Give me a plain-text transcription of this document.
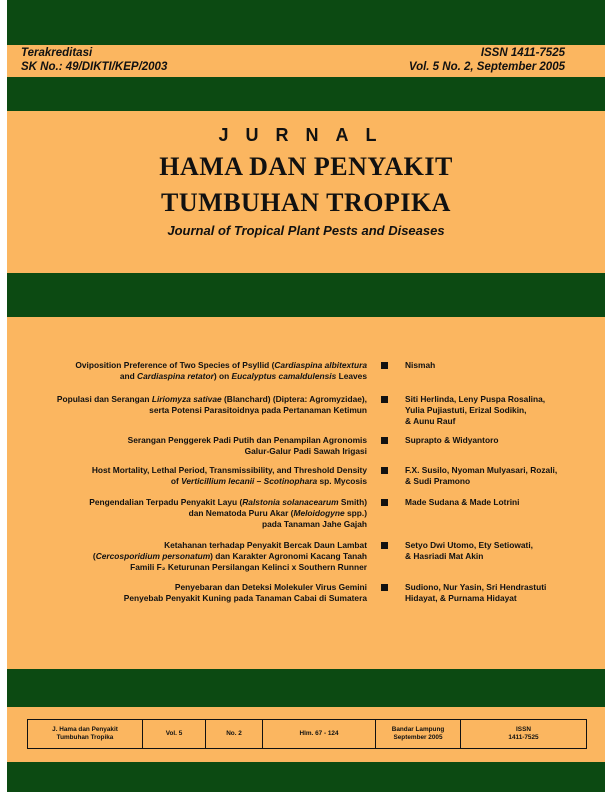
Terakreditasi
SK No.: 49/DIKTI/KEP/2003
ISSN 1411-7525
Vol. 5 No. 2, September 2005
JURNAL
HAMA DAN PENYAKIT
TUMBUHAN TROPIKA
Journal of Tropical Plant Pests and Diseases
Oviposition Preference of Two Species of Psyllid (Cardiaspina albitextura
and Cardiaspina retator) on Eucalyptus camaldulensis Leaves
Nismah
Populasi dan Serangan Liriomyza sativae (Blanchard) (Diptera: Agromyzidae),
serta Potensi Parasitoidnya pada Pertanaman Ketimun
Siti Herlinda, Leny Puspa Rosalina,
Yulia Pujiastuti, Erizal Sodikin,
& Aunu Rauf
Serangan Penggerek Padi Putih dan Penampilan Agronomis
Galur-Galur Padi Sawah Irigasi
Suprapto & Widyantoro
Host Mortality, Lethal Period, Transmissibility, and Threshold Density
of Verticillium lecanii – Scotinophara sp. Mycosis
F.X. Susilo, Nyoman Mulyasari, Rozali,
& Sudi Pramono
Pengendalian Terpadu Penyakit Layu (Ralstonia solanacearum Smith)
dan Nematoda Puru Akar (Meloidogyne spp.)
pada Tanaman Jahe Gajah
Made Sudana & Made Lotrini
Ketahanan terhadap Penyakit Bercak Daun Lambat
(Cercosporidium personatum) dan Karakter Agronomi Kacang Tanah
Famili F₂ Keturunan Persilangan Kelinci x Southern Runner
Setyo Dwi Utomo, Ety Setiowati,
& Hasriadi Mat Akin
Penyebaran dan Deteksi Molekuler Virus Gemini
Penyebab Penyakit Kuning pada Tanaman Cabai di Sumatera
Sudiono, Nur Yasin, Sri Hendrastuti
Hidayat, & Purnama Hidayat
J. Hama dan Penyakit
Tumbuhan Tropika
Vol. 5	No. 2	Hlm. 67 - 124
Bandar Lampung
September 2005
ISSN
1411-7525
